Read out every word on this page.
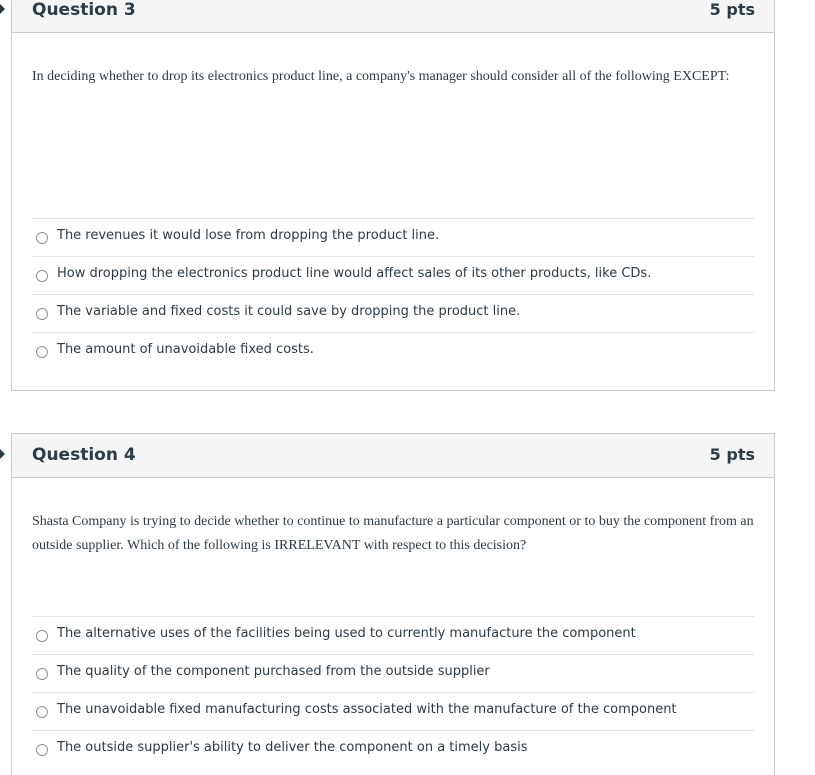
Question 3	5 pts
In deciding whether to drop its electronics product line, a company's manager should consider all of the following EXCEPT:
The revenues it would lose from dropping the product line.
How dropping the electronics product line would affect sales of its other products, like CDs.
The variable and fixed costs it could save by dropping the product line.
The amount of unavoidable fixed costs.
Question 4	5 pts
Shasta Company is trying to decide whether to continue to manufacture a particular component or to buy the component from an outside supplier. Which of the following is IRRELEVANT with respect to this decision?
The alternative uses of the facilities being used to currently manufacture the component
The quality of the component purchased from the outside supplier
The unavoidable fixed manufacturing costs associated with the manufacture of the component
The outside supplier's ability to deliver the component on a timely basis
